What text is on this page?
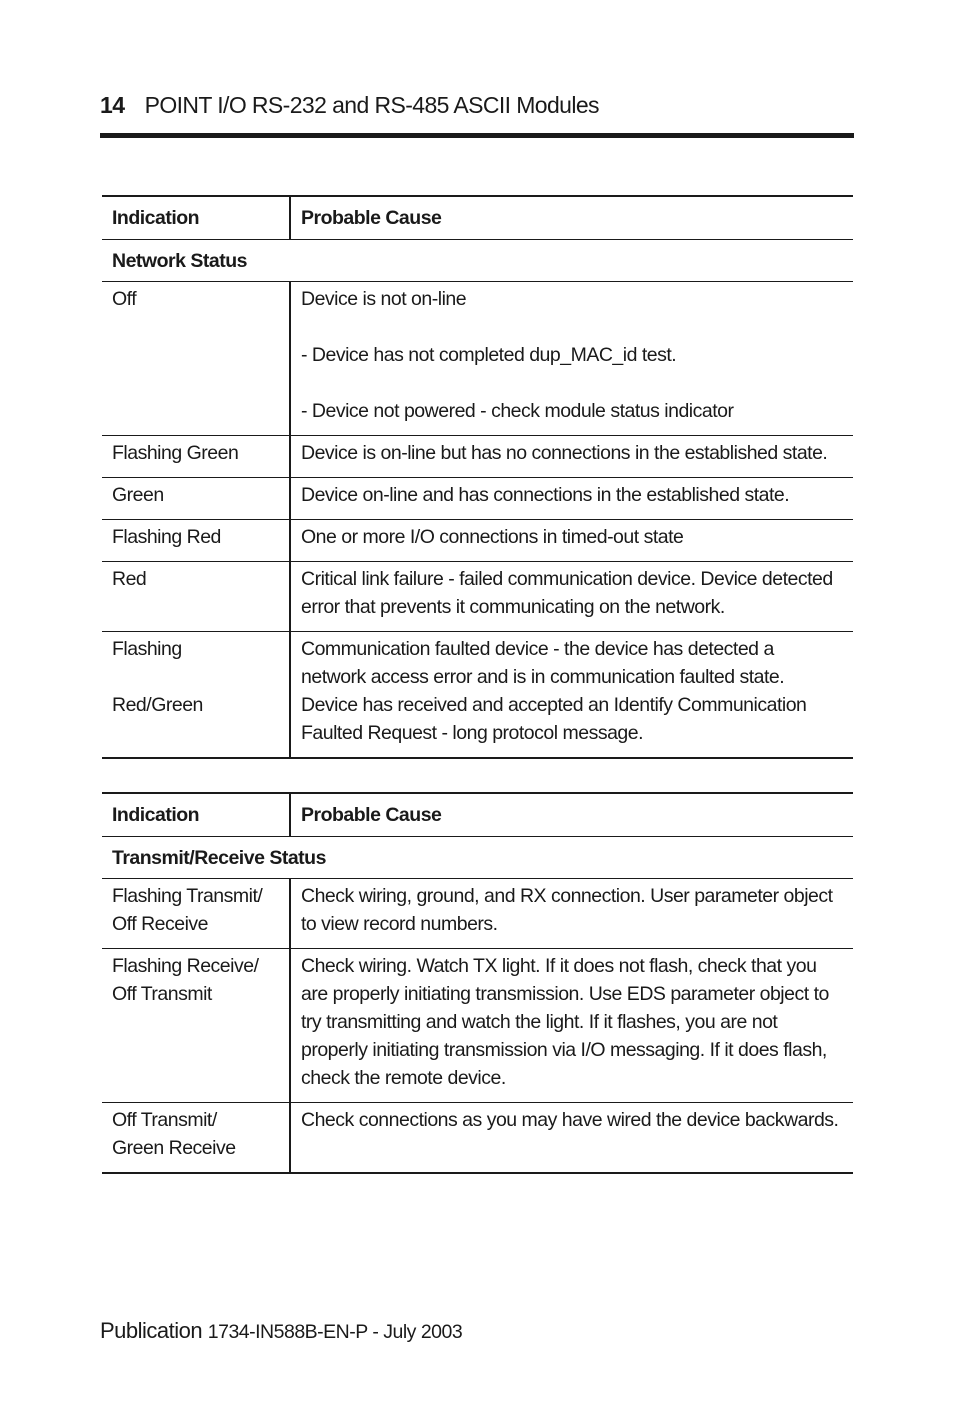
14 POINT I/O RS-232 and RS-485 ASCII Modules
Indication	Probable Cause
Network Status	
Off	Device is not on-line
- Device has not completed dup_MAC_id test.
- Device not powered - check module status indicator
Flashing Green	Device is on-line but has no connections in the established state.
Green	Device on-line and has connections in the established state.
Flashing Red	One or more I/O connections in timed-out state
Red	Critical link failure - failed communication device. Device detected error that prevents it communicating on the network.
Flashing
Red/Green	Communication faulted device - the device has detected a network access error and is in communication faulted state. Device has received and accepted an Identify Communication Faulted Request - long protocol message.
Indication	Probable Cause
Transmit/Receive Status	
Flashing Transmit/
Off Receive	Check wiring, ground, and RX connection. User parameter object to view record numbers.
Flashing Receive/
Off Transmit	Check wiring. Watch TX light. If it does not flash, check that you are properly initiating transmission. Use EDS parameter object to try transmitting and watch the light. If it flashes, you are not properly initiating transmission via I/O messaging. If it does flash, check the remote device.
Off Transmit/
Green Receive	Check connections as you may have wired the device backwards.
Publication 1734-IN588B-EN-P - July 2003
